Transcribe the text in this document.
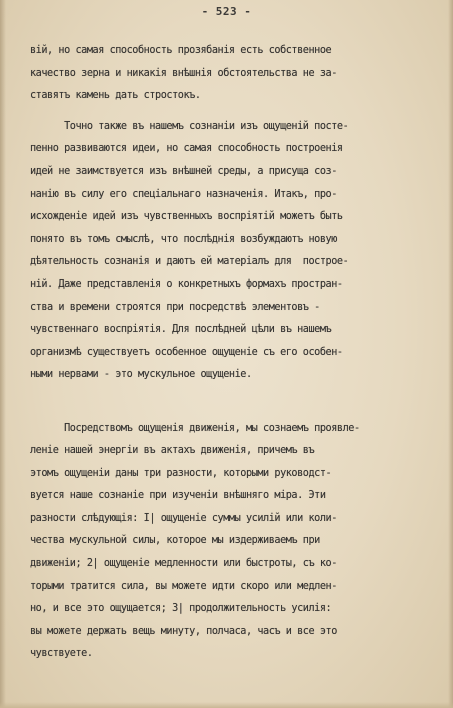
- 523 -
вій, но самая способность прозябанія есть собственное
качество зерна и никакія внѣшнія обстоятельства не за-
ставятъ камень дать стростокъ.
Точно также въ нашемъ сознаніи изъ ощущеній посте-
пенно развиваются идеи, но самая способность построенія
идей не заимствуется изъ внѣшней среды, а присуща соз-
нанію въ силу его спеціальнаго назначенія. Итакъ, про-
исхожденіе идей изъ чувственныхъ воспріятій можетъ быть
понято въ томъ смыслѣ, что послѣднія возбуждаютъ новую
дѣятельность сознанія и даютъ ей матеріалъ для  построе-
ній. Даже представленія о конкретныхъ формахъ простран-
ства и времени строятся при посредствѣ элементовъ -
чувственнаго воспріятія. Для послѣдней цѣли въ нашемъ
организмѣ существуетъ особенное ощущеніе съ его особен-
ными нервами - это мускульное ощущеніе.
Посредствомъ ощущенія движенія, мы сознаемъ проявле-
леніе нашей энергіи въ актахъ движенія, причемъ въ
этомъ ощущеніи даны три разности, которыми руководст-
вуется наше сознаніе при изученіи внѣшняго міра. Эти
разности слѣдующія: І| ощущеніе суммы усилій или коли-
чества мускульной силы, которое мы издерживаемъ при
движеніи; 2| ощущеніе медленности или быстроты, съ ко-
торыми тратится сила, вы можете идти скоро или медлен-
но, и все это ощущается; 3| продолжительность усилія:
вы можете держать вещь минуту, полчаса, часъ и все это
чувствуете.
